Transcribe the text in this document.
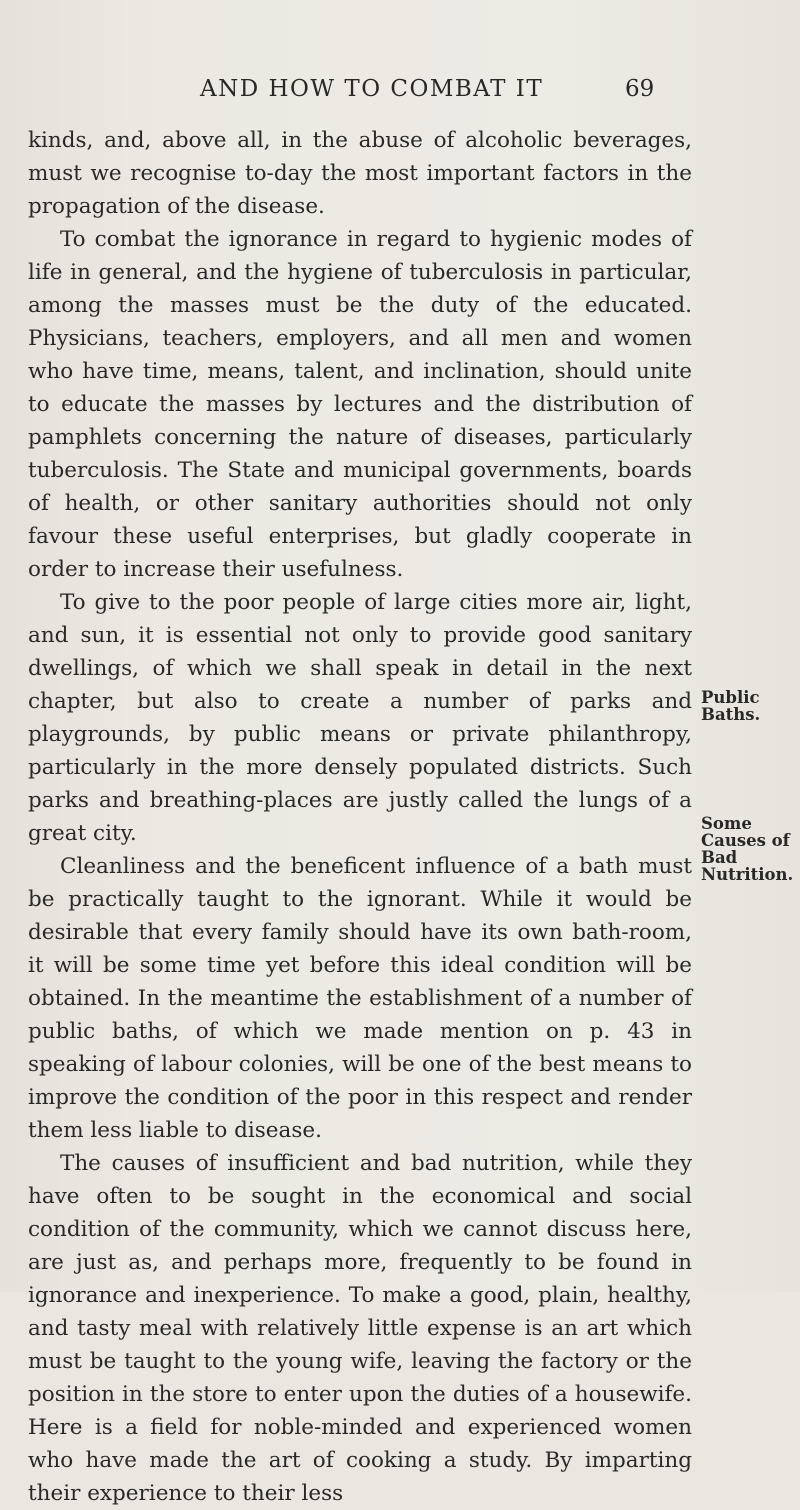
AND HOW TO COMBAT IT	69

kinds, and, above all, in the abuse of alcoholic beverages, must we recognise to-day the most important factors in the propagation of the disease.

To combat the ignorance in regard to hygienic modes of life in general, and the hygiene of tuberculosis in particular, among the masses must be the duty of the educated. Physicians, teachers, employers, and all men and women who have time, means, talent, and inclination, should unite to educate the masses by lectures and the distribution of pamphlets concerning the nature of diseases, particularly tuberculosis. The State and municipal governments, boards of health, or other sanitary authorities should not only favour these useful enterprises, but gladly cooperate in order to increase their usefulness.

To give to the poor people of large cities more air, light, and sun, it is essential not only to provide good sanitary dwellings, of which we shall speak in detail in the next chapter, but also to create a number of parks and playgrounds, by public means or private philanthropy, particularly in the more densely populated districts. Such parks and breathing-places are justly called the lungs of a great city.

Cleanliness and the beneficent influence of a bath must be practically taught to the ignorant. While it would be desirable that every family should have its own bath-room, it will be some time yet before this ideal condition will be obtained. In the meantime the establishment of a number of public baths, of which we made mention on p. 43 in speaking of labour colonies, will be one of the best means to improve the condition of the poor in this respect and render them less liable to disease.

The causes of insufficient and bad nutrition, while they have often to be sought in the economical and social condition of the community, which we cannot discuss here, are just as, and perhaps more, frequently to be found in ignorance and inexperience. To make a good, plain, healthy, and tasty meal with relatively little expense is an art which must be taught to the young wife, leaving the factory or the position in the store to enter upon the duties of a housewife. Here is a field for noble-minded and experienced women who have made the art of cooking a study. By imparting their experience to their less

Public
Baths.
Some
Causes of
Bad
Nutrition.
